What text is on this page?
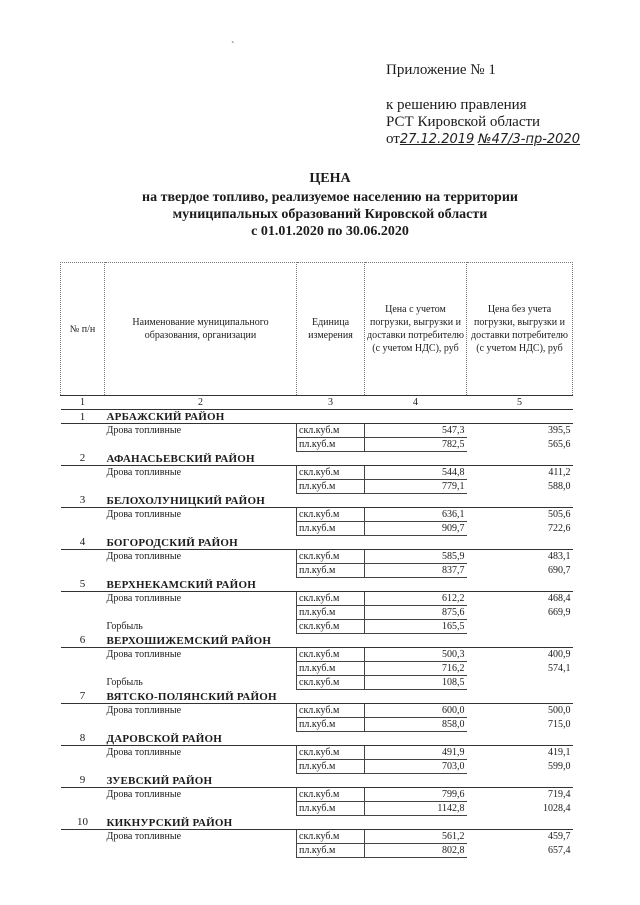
`
Приложение № 1
к решению правления
РСТ Кировской области
от27.12.2019 №47/3-пр-2020
ЦЕНА
на твердое топливо, реализуемое населению на территории
муниципальных образований Кировской области
с 01.01.2020 по 30.06.2020
№ п/н	Наименование муниципального образования, организации	Единица измерения	Цена с учетом погрузки, выгрузки и доставки потребителю (с учетом НДС), руб	Цена без учета погрузки, выгрузки и доставки потребителю (с учетом НДС), руб
1	2	3	4	5
1	АРБАЖСКИЙ РАЙОН			
	Дрова топливные	скл.куб.м	547,3	395,5
		пл.куб.м	782,5	565,6
2	АФАНАСЬЕВСКИЙ РАЙОН			
	Дрова топливные	скл.куб.м	544,8	411,2
		пл.куб.м	779,1	588,0
3	БЕЛОХОЛУНИЦКИЙ РАЙОН			
	Дрова топливные	скл.куб.м	636,1	505,6
		пл.куб.м	909,7	722,6
4	БОГОРОДСКИЙ РАЙОН			
	Дрова топливные	скл.куб.м	585,9	483,1
		пл.куб.м	837,7	690,7
5	ВЕРХНЕКАМСКИЙ РАЙОН			
	Дрова топливные	скл.куб.м	612,2	468,4
		пл.куб.м	875,6	669,9
	Горбыль	скл.куб.м	165,5	
6	ВЕРХОШИЖЕМСКИЙ РАЙОН			
	Дрова топливные	скл.куб.м	500,3	400,9
		пл.куб.м	716,2	574,1
	Горбыль	скл.куб.м	108,5	
7	ВЯТСКО-ПОЛЯНСКИЙ РАЙОН			
	Дрова топливные	скл.куб.м	600,0	500,0
		пл.куб.м	858,0	715,0
8	ДАРОВСКОЙ РАЙОН			
	Дрова топливные	скл.куб.м	491,9	419,1
		пл.куб.м	703,0	599,0
9	ЗУЕВСКИЙ РАЙОН			
	Дрова топливные	скл.куб.м	799,6	719,4
		пл.куб.м	1142,8	1028,4
10	КИКНУРСКИЙ РАЙОН			
	Дрова топливные	скл.куб.м	561,2	459,7
		пл.куб.м	802,8	657,4
